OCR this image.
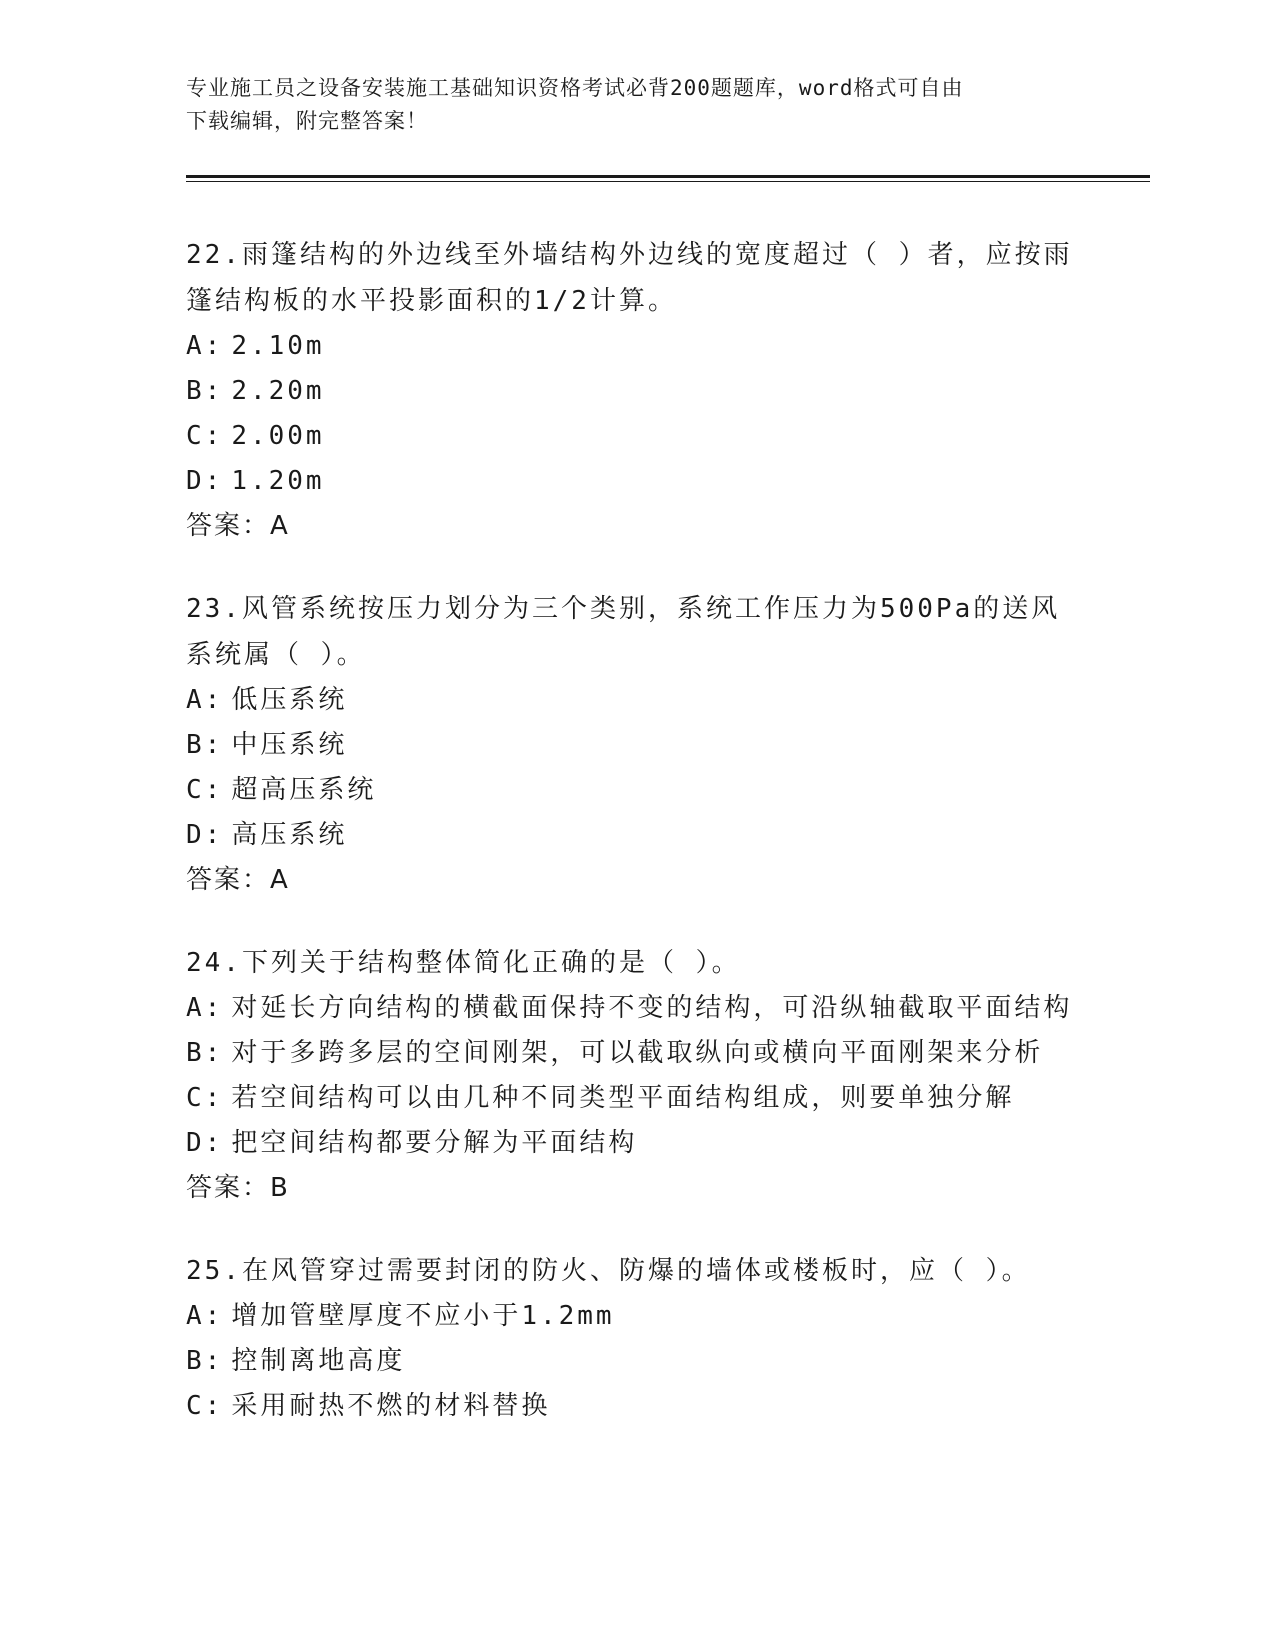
专业施工员之设备安装施工基础知识资格考试必背200题题库，word格式可自由
下载编辑，附完整答案！
22.雨篷结构的外边线至外墙结构外边线的宽度超过（ ）者，应按雨篷结构板的水平投影面积的1/2计算。
A: 2.10m
B: 2.20m
C: 2.00m
D: 1.20m
答案：A
23.风管系统按压力划分为三个类别，系统工作压力为500Pa的送风系统属（ ）。
A: 低压系统
B: 中压系统
C: 超高压系统
D: 高压系统
答案：A
24.下列关于结构整体简化正确的是（ ）。
A: 对延长方向结构的横截面保持不变的结构，可沿纵轴截取平面结构
B: 对于多跨多层的空间刚架，可以截取纵向或横向平面刚架来分析
C: 若空间结构可以由几种不同类型平面结构组成，则要单独分解
D: 把空间结构都要分解为平面结构
答案：B
25.在风管穿过需要封闭的防火、防爆的墙体或楼板时，应（ ）。
A: 增加管壁厚度不应小于1.2mm
B: 控制离地高度
C: 采用耐热不燃的材料替换
